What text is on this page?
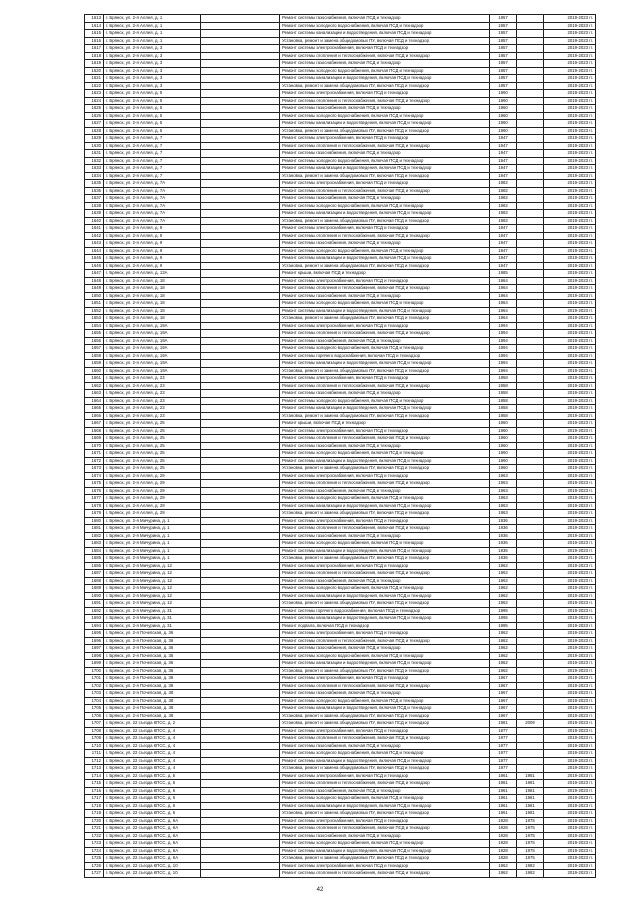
1613	г. Брянск, ул. 2-я Аллея, д. 1		Ремонт системы газоснабжения, включая ПСД и технадзор	1957		2019-2023 гг.
1614	г. Брянск, ул. 2-я Аллея, д. 1		Ремонт системы холодного водоснабжения, включая ПСД и технадзор	1957		2019-2023 гг.
1615	г. Брянск, ул. 2-я Аллея, д. 1		Ремонт системы канализации и водоотведения, включая ПСД и технадзор	1957		2019-2023 гг.
1616	г. Брянск, ул. 2-я Аллея, д. 1		Установка, ремонт и замена общедомовых ПУ, включая ПСД и технадзор	1957		2019-2023 гг.
1617	г. Брянск, ул. 2-я Аллея, д. 3		Ремонт системы электроснабжения, включая ПСД и технадзор	1957		2019-2023 гг.
1618	г. Брянск, ул. 2-я Аллея, д. 3		Ремонт системы отопления и теплоснабжения, включая ПСД и технадзор	1957		2019-2023 гг.
1619	г. Брянск, ул. 2-я Аллея, д. 3		Ремонт системы газоснабжения, включая ПСД и технадзор	1957		2019-2023 гг.
1620	г. Брянск, ул. 2-я Аллея, д. 3		Ремонт системы холодного водоснабжения, включая ПСД и технадзор	1957		2019-2023 гг.
1621	г. Брянск, ул. 2-я Аллея, д. 3		Ремонт системы канализации и водоотведения, включая ПСД и технадзор	1957		2019-2023 гг.
1622	г. Брянск, ул. 2-я Аллея, д. 3		Установка, ремонт и замена общедомовых ПУ, включая ПСД и технадзор	1957		2019-2023 гг.
1623	г. Брянск, ул. 2-я Аллея, д. 5		Ремонт системы электроснабжения, включая ПСД и технадзор	1960		2019-2023 гг.
1624	г. Брянск, ул. 2-я Аллея, д. 5		Ремонт системы отопления и теплоснабжения, включая ПСД и технадзор	1960		2019-2023 гг.
1625	г. Брянск, ул. 2-я Аллея, д. 5		Ремонт системы газоснабжения, включая ПСД и технадзор	1960		2019-2023 гг.
1626	г. Брянск, ул. 2-я Аллея, д. 5		Ремонт системы холодного водоснабжения, включая ПСД и технадзор	1960		2019-2023 гг.
1627	г. Брянск, ул. 2-я Аллея, д. 5		Ремонт системы канализации и водоотведения, включая ПСД и технадзор	1960		2019-2023 гг.
1628	г. Брянск, ул. 2-я Аллея, д. 5		Установка, ремонт и замена общедомовых ПУ, включая ПСД и технадзор	1960		2019-2023 гг.
1629	г. Брянск, ул. 2-я Аллея, д. 7		Ремонт системы электроснабжения, включая ПСД и технадзор	1947		2019-2023 гг.
1630	г. Брянск, ул. 2-я Аллея, д. 7		Ремонт системы отопления и теплоснабжения, включая ПСД и технадзор	1947		2019-2023 гг.
1631	г. Брянск, ул. 2-я Аллея, д. 7		Ремонт системы газоснабжения, включая ПСД и технадзор	1947		2019-2023 гг.
1632	г. Брянск, ул. 2-я Аллея, д. 7		Ремонт системы холодного водоснабжения, включая ПСД и технадзор	1947		2019-2023 гг.
1633	г. Брянск, ул. 2-я Аллея, д. 7		Ремонт системы канализации и водоотведения, включая ПСД и технадзор	1947		2019-2023 гг.
1634	г. Брянск, ул. 2-я Аллея, д. 7		Установка, ремонт и замена общедомовых ПУ, включая ПСД и технадзор	1947		2019-2023 гг.
1635	г. Брянск, ул. 2-я Аллея, д. 7А		Ремонт системы электроснабжения, включая ПСД и технадзор	1982		2019-2023 гг.
1636	г. Брянск, ул. 2-я Аллея, д. 7А		Ремонт системы отопления и теплоснабжения, включая ПСД и технадзор	1982		2019-2023 гг.
1637	г. Брянск, ул. 2-я Аллея, д. 7А		Ремонт системы газоснабжения, включая ПСД и технадзор	1982		2019-2023 гг.
1638	г. Брянск, ул. 2-я Аллея, д. 7А		Ремонт системы холодного водоснабжения, включая ПСД и технадзор	1982		2019-2023 гг.
1639	г. Брянск, ул. 2-я Аллея, д. 7А		Ремонт системы канализации и водоотведения, включая ПСД и технадзор	1982		2019-2023 гг.
1640	г. Брянск, ул. 2-я Аллея, д. 7А		Установка, ремонт и замена общедомовых ПУ, включая ПСД и технадзор	1982		2019-2023 гг.
1641	г. Брянск, ул. 2-я Аллея, д. 9		Ремонт системы электроснабжения, включая ПСД и технадзор	1947		2019-2023 гг.
1642	г. Брянск, ул. 2-я Аллея, д. 9		Ремонт системы отопления и теплоснабжения, включая ПСД и технадзор	1947		2019-2023 гг.
1643	г. Брянск, ул. 2-я Аллея, д. 9		Ремонт системы газоснабжения, включая ПСД и технадзор	1947		2019-2023 гг.
1644	г. Брянск, ул. 2-я Аллея, д. 9		Ремонт системы холодного водоснабжения, включая ПСД и технадзор	1947		2019-2023 гг.
1645	г. Брянск, ул. 2-я Аллея, д. 9		Ремонт системы канализации и водоотведения, включая ПСД и технадзор	1947		2019-2023 гг.
1646	г. Брянск, ул. 2-я Аллея, д. 9		Установка, ремонт и замена общедомовых ПУ, включая ПСД и технадзор	1947		2019-2023 гг.
1647	г. Брянск, ул. 2-я Аллея, д. 13А		Ремонт крыши, включая ПСД и технадзор	1985		2019-2023 гг.
1648	г. Брянск, ул. 2-я Аллея, д. 18		Ремонт системы электроснабжения, включая ПСД и технадзор	1964		2019-2023 гг.
1649	г. Брянск, ул. 2-я Аллея, д. 18		Ремонт системы отопления и теплоснабжения, включая ПСД и технадзор	1964		2019-2023 гг.
1650	г. Брянск, ул. 2-я Аллея, д. 18		Ремонт системы газоснабжения, включая ПСД и технадзор	1964		2019-2023 гг.
1651	г. Брянск, ул. 2-я Аллея, д. 18		Ремонт системы холодного водоснабжения, включая ПСД и технадзор	1964		2019-2023 гг.
1652	г. Брянск, ул. 2-я Аллея, д. 18		Ремонт системы канализации и водоотведения, включая ПСД и технадзор	1964		2019-2023 гг.
1653	г. Брянск, ул. 2-я Аллея, д. 18		Установка, ремонт и замена общедомовых ПУ, включая ПСД и технадзор	1964		2019-2023 гг.
1654	г. Брянск, ул. 2-я Аллея, д. 19А		Ремонт системы электроснабжения, включая ПСД и технадзор	1994		2019-2023 гг.
1655	г. Брянск, ул. 2-я Аллея, д. 19А		Ремонт системы отопления и теплоснабжения, включая ПСД и технадзор	1994		2019-2023 гг.
1656	г. Брянск, ул. 2-я Аллея, д. 19А		Ремонт системы газоснабжения, включая ПСД и технадзор	1994		2019-2023 гг.
1657	г. Брянск, ул. 2-я Аллея, д. 19А		Ремонт системы холодного водоснабжения, включая ПСД и технадзор	1994		2019-2023 гг.
1658	г. Брянск, ул. 2-я Аллея, д. 19А		Ремонт системы горячего водоснабжения, включая ПСД и технадзор	1994		2019-2023 гг.
1659	г. Брянск, ул. 2-я Аллея, д. 19А		Ремонт системы канализации и водоотведения, включая ПСД и технадзор	1994		2019-2023 гг.
1660	г. Брянск, ул. 2-я Аллея, д. 19А		Установка, ремонт и замена общедомовых ПУ, включая ПСД и технадзор	1994		2019-2023 гг.
1661	г. Брянск, ул. 2-я Аллея, д. 23		Ремонт системы электроснабжения, включая ПСД и технадзор	1958		2019-2023 гг.
1662	г. Брянск, ул. 2-я Аллея, д. 23		Ремонт системы отопления и теплоснабжения, включая ПСД и технадзор	1958		2019-2023 гг.
1663	г. Брянск, ул. 2-я Аллея, д. 23		Ремонт системы газоснабжения, включая ПСД и технадзор	1958		2019-2023 гг.
1664	г. Брянск, ул. 2-я Аллея, д. 23		Ремонт системы холодного водоснабжения, включая ПСД и технадзор	1958		2019-2023 гг.
1665	г. Брянск, ул. 2-я Аллея, д. 23		Ремонт системы канализации и водоотведения, включая ПСД и технадзор	1958		2019-2023 гг.
1666	г. Брянск, ул. 2-я Аллея, д. 23		Установка, ремонт и замена общедомовых ПУ, включая ПСД и технадзор	1958		2019-2023 гг.
1667	г. Брянск, ул. 2-я Аллея, д. 25		Ремонт крыши, включая ПСД и технадзор	1960		2019-2023 гг.
1668	г. Брянск, ул. 2-я Аллея, д. 25		Ремонт системы электроснабжения, включая ПСД и технадзор	1960		2019-2023 гг.
1669	г. Брянск, ул. 2-я Аллея, д. 25		Ремонт системы отопления и теплоснабжения, включая ПСД и технадзор	1960		2019-2023 гг.
1670	г. Брянск, ул. 2-я Аллея, д. 25		Ремонт системы газоснабжения, включая ПСД и технадзор	1960		2019-2023 гг.
1671	г. Брянск, ул. 2-я Аллея, д. 25		Ремонт системы холодного водоснабжения, включая ПСД и технадзор	1960		2019-2023 гг.
1672	г. Брянск, ул. 2-я Аллея, д. 25		Ремонт системы канализации и водоотведения, включая ПСД и технадзор	1960		2019-2023 гг.
1673	г. Брянск, ул. 2-я Аллея, д. 25		Установка, ремонт и замена общедомовых ПУ, включая ПСД и технадзор	1960		2019-2023 гг.
1674	г. Брянск, ул. 2-я Аллея, д. 29		Ремонт системы электроснабжения, включая ПСД и технадзор	1963		2019-2023 гг.
1675	г. Брянск, ул. 2-я Аллея, д. 29		Ремонт системы отопления и теплоснабжения, включая ПСД и технадзор	1963		2019-2023 гг.
1676	г. Брянск, ул. 2-я Аллея, д. 29		Ремонт системы газоснабжения, включая ПСД и технадзор	1963		2019-2023 гг.
1677	г. Брянск, ул. 2-я Аллея, д. 29		Ремонт системы холодного водоснабжения, включая ПСД и технадзор	1963		2019-2023 гг.
1678	г. Брянск, ул. 2-я Аллея, д. 29		Ремонт системы канализации и водоотведения, включая ПСД и технадзор	1963		2019-2023 гг.
1679	г. Брянск, ул. 2-я Аллея, д. 29		Установка, ремонт и замена общедомовых ПУ, включая ПСД и технадзор	1963		2019-2023 гг.
1680	г. Брянск, ул. 2-я Мичурина, д. 1		Ремонт системы электроснабжения, включая ПСД и технадзор	1936		2019-2023 гг.
1681	г. Брянск, ул. 2-я Мичурина, д. 1		Ремонт системы отопления и теплоснабжения, включая ПСД и технадзор	1936		2019-2023 гг.
1682	г. Брянск, ул. 2-я Мичурина, д. 1		Ремонт системы газоснабжения, включая ПСД и технадзор	1936		2019-2023 гг.
1683	г. Брянск, ул. 2-я Мичурина, д. 1		Ремонт системы холодного водоснабжения, включая ПСД и технадзор	1936		2019-2023 гг.
1684	г. Брянск, ул. 2-я Мичурина, д. 1		Ремонт системы канализации и водоотведения, включая ПСД и технадзор	1936		2019-2023 гг.
1685	г. Брянск, ул. 2-я Мичурина, д. 1		Установка, ремонт и замена общедомовых ПУ, включая ПСД и технадзор	1936		2019-2023 гг.
1686	г. Брянск, ул. 2-я Мичурина, д. 12		Ремонт системы электроснабжения, включая ПСД и технадзор	1962		2019-2023 гг.
1687	г. Брянск, ул. 2-я Мичурина, д. 12		Ремонт системы отопления и теплоснабжения, включая ПСД и технадзор	1962		2019-2023 гг.
1688	г. Брянск, ул. 2-я Мичурина, д. 12		Ремонт системы газоснабжения, включая ПСД и технадзор	1962		2019-2023 гг.
1689	г. Брянск, ул. 2-я Мичурина, д. 12		Ремонт системы холодного водоснабжения, включая ПСД и технадзор	1962		2019-2023 гг.
1690	г. Брянск, ул. 2-я Мичурина, д. 12		Ремонт системы канализации и водоотведения, включая ПСД и технадзор	1962		2019-2023 гг.
1691	г. Брянск, ул. 2-я Мичурина, д. 12		Установка, ремонт и замена общедомовых ПУ, включая ПСД и технадзор	1962		2019-2023 гг.
1692	г. Брянск, ул. 2-я Мичурина, д. 31		Ремонт системы горячего водоснабжения, включая ПСД и технадзор	1995		2019-2023 гг.
1693	г. Брянск, ул. 2-я Мичурина, д. 31		Ремонт системы канализации и водоотведения, включая ПСД и технадзор	1995		2019-2023 гг.
1694	г. Брянск, ул. 2-я Мичурина, д. 31		Ремонт подвала, включая ПСД и технадзор	1995		2019-2023 гг.
1695	г. Брянск, ул. 2-я Почепская, д. 36		Ремонт системы электроснабжения, включая ПСД и технадзор	1962		2019-2023 гг.
1696	г. Брянск, ул. 2-я Почепская, д. 36		Ремонт системы отопления и теплоснабжения, включая ПСД и технадзор	1962		2019-2023 гг.
1697	г. Брянск, ул. 2-я Почепская, д. 36		Ремонт системы газоснабжения, включая ПСД и технадзор	1962		2019-2023 гг.
1698	г. Брянск, ул. 2-я Почепская, д. 36		Ремонт системы холодного водоснабжения, включая ПСД и технадзор	1962		2019-2023 гг.
1699	г. Брянск, ул. 2-я Почепская, д. 36		Ремонт системы канализации и водоотведения, включая ПСД и технадзор	1962		2019-2023 гг.
1700	г. Брянск, ул. 2-я Почепская, д. 36		Установка, ремонт и замена общедомовых ПУ, включая ПСД и технадзор	1962		2019-2023 гг.
1701	г. Брянск, ул. 2-я Почепская, д. 38		Ремонт системы электроснабжения, включая ПСД и технадзор	1967		2019-2023 гг.
1702	г. Брянск, ул. 2-я Почепская, д. 38		Ремонт системы отопления и теплоснабжения, включая ПСД и технадзор	1967		2019-2023 гг.
1703	г. Брянск, ул. 2-я Почепская, д. 38		Ремонт системы газоснабжения, включая ПСД и технадзор	1967		2019-2023 гг.
1704	г. Брянск, ул. 2-я Почепская, д. 38		Ремонт системы холодного водоснабжения, включая ПСД и технадзор	1967		2019-2023 гг.
1705	г. Брянск, ул. 2-я Почепская, д. 38		Ремонт системы канализации и водоотведения, включая ПСД и технадзор	1967		2019-2023 гг.
1706	г. Брянск, ул. 2-я Почепская, д. 38		Установка, ремонт и замена общедомовых ПУ, включая ПСД и технадзор	1967		2019-2023 гг.
1707	г. Брянск, ул. 22 съезда КПСС, д. 2		Установка, ремонт и замена общедомовых ПУ, включая ПСД и технадзор	1981	2009	2019-2023 гг.
1708	г. Брянск, ул. 22 съезда КПСС, д. 4		Ремонт системы электроснабжения, включая ПСД и технадзор	1977		2019-2023 гг.
1709	г. Брянск, ул. 22 съезда КПСС, д. 4		Ремонт системы отопления и теплоснабжения, включая ПСД и технадзор	1977		2019-2023 гг.
1710	г. Брянск, ул. 22 съезда КПСС, д. 4		Ремонт системы газоснабжения, включая ПСД и технадзор	1977		2019-2023 гг.
1711	г. Брянск, ул. 22 съезда КПСС, д. 4		Ремонт системы холодного водоснабжения, включая ПСД и технадзор	1977		2019-2023 гг.
1712	г. Брянск, ул. 22 съезда КПСС, д. 4		Ремонт системы канализации и водоотведения, включая ПСД и технадзор	1977		2019-2023 гг.
1713	г. Брянск, ул. 22 съезда КПСС, д. 4		Установка, ремонт и замена общедомовых ПУ, включая ПСД и технадзор	1977		2019-2023 гг.
1714	г. Брянск, ул. 22 съезда КПСС, д. 6		Ремонт системы электроснабжения, включая ПСД и технадзор	1961	1981	2019-2023 гг.
1715	г. Брянск, ул. 22 съезда КПСС, д. 6		Ремонт системы отопления и теплоснабжения, включая ПСД и технадзор	1961	1981	2019-2023 гг.
1716	г. Брянск, ул. 22 съезда КПСС, д. 6		Ремонт системы газоснабжения, включая ПСД и технадзор	1961	1981	2019-2023 гг.
1717	г. Брянск, ул. 22 съезда КПСС, д. 6		Ремонт системы холодного водоснабжения, включая ПСД и технадзор	1961	1981	2019-2023 гг.
1718	г. Брянск, ул. 22 съезда КПСС, д. 6		Ремонт системы канализации и водоотведения, включая ПСД и технадзор	1961	1981	2019-2023 гг.
1719	г. Брянск, ул. 22 съезда КПСС, д. 6		Установка, ремонт и замена общедомовых ПУ, включая ПСД и технадзор	1961	1981	2019-2023 гг.
1720	г. Брянск, ул. 22 съезда КПСС, д. 6А		Ремонт системы электроснабжения, включая ПСД и технадзор	1928	1975	2019-2023 гг.
1721	г. Брянск, ул. 22 съезда КПСС, д. 6А		Ремонт системы отопления и теплоснабжения, включая ПСД и технадзор	1928	1975	2019-2023 гг.
1722	г. Брянск, ул. 22 съезда КПСС, д. 6А		Ремонт системы газоснабжения, включая ПСД и технадзор	1928	1975	2019-2023 гг.
1723	г. Брянск, ул. 22 съезда КПСС, д. 6А		Ремонт системы холодного водоснабжения, включая ПСД и технадзор	1928	1975	2019-2023 гг.
1724	г. Брянск, ул. 22 съезда КПСС, д. 6А		Ремонт системы канализации и водоотведения, включая ПСД и технадзор	1928	1975	2019-2023 гг.
1725	г. Брянск, ул. 22 съезда КПСС, д. 6А		Установка, ремонт и замена общедомовых ПУ, включая ПСД и технадзор	1928	1975	2019-2023 гг.
1726	г. Брянск, ул. 22 съезда КПСС, д. 10		Ремонт системы электроснабжения, включая ПСД и технадзор	1962	1982	2019-2023 гг.
1727	г. Брянск, ул. 22 съезда КПСС, д. 10		Ремонт системы отопления и теплоснабжения, включая ПСД и технадзор	1962	1982	2019-2023 гг.
42
